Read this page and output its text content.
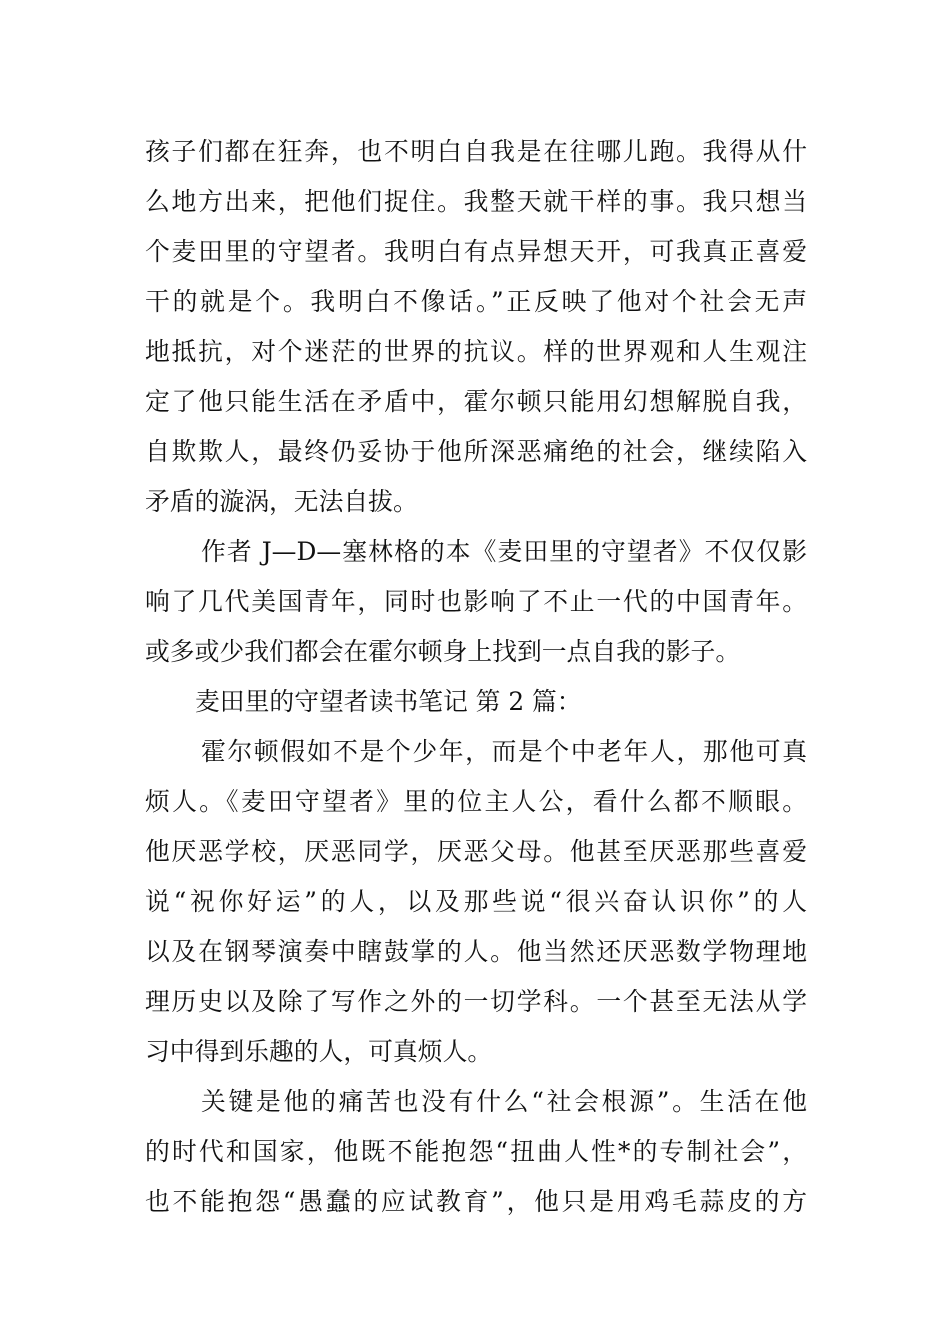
孩子们都在狂奔，也不明白自我是在往哪儿跑。我得从什
么地方出来，把他们捉住。我整天就干样的事。我只想当
个麦田里的守望者。我明白有点异想天开，可我真正喜爱
干的就是个。我明白不像话。”正反映了他对个社会无声
地抵抗，对个迷茫的世界的抗议。样的世界观和人生观注
定了他只能生活在矛盾中，霍尔顿只能用幻想解脱自我，
自欺欺人，最终仍妥协于他所深恶痛绝的社会，继续陷入
矛盾的漩涡，无法自拔。
作者 J—D—塞林格的本《麦田里的守望者》不仅仅影
响了几代美国青年，同时也影响了不止一代的中国青年。
或多或少我们都会在霍尔顿身上找到一点自我的影子。
麦田里的守望者读书笔记 第 2 篇：
霍尔顿假如不是个少年，而是个中老年人，那他可真
烦人。《麦田守望者》里的位主人公，看什么都不顺眼。
他厌恶学校，厌恶同学，厌恶父母。他甚至厌恶那些喜爱
说“祝你好运”的人，以及那些说“很兴奋认识你”的人
以及在钢琴演奏中瞎鼓掌的人。他当然还厌恶数学物理地
理历史以及除了写作之外的一切学科。一个甚至无法从学
习中得到乐趣的人，可真烦人。
关键是他的痛苦也没有什么“社会根源”。生活在他
的时代和国家，他既不能抱怨“扭曲人性*的专制社会”，
也不能抱怨“愚蠢的应试教育”，他只是用鸡毛蒜皮的方
